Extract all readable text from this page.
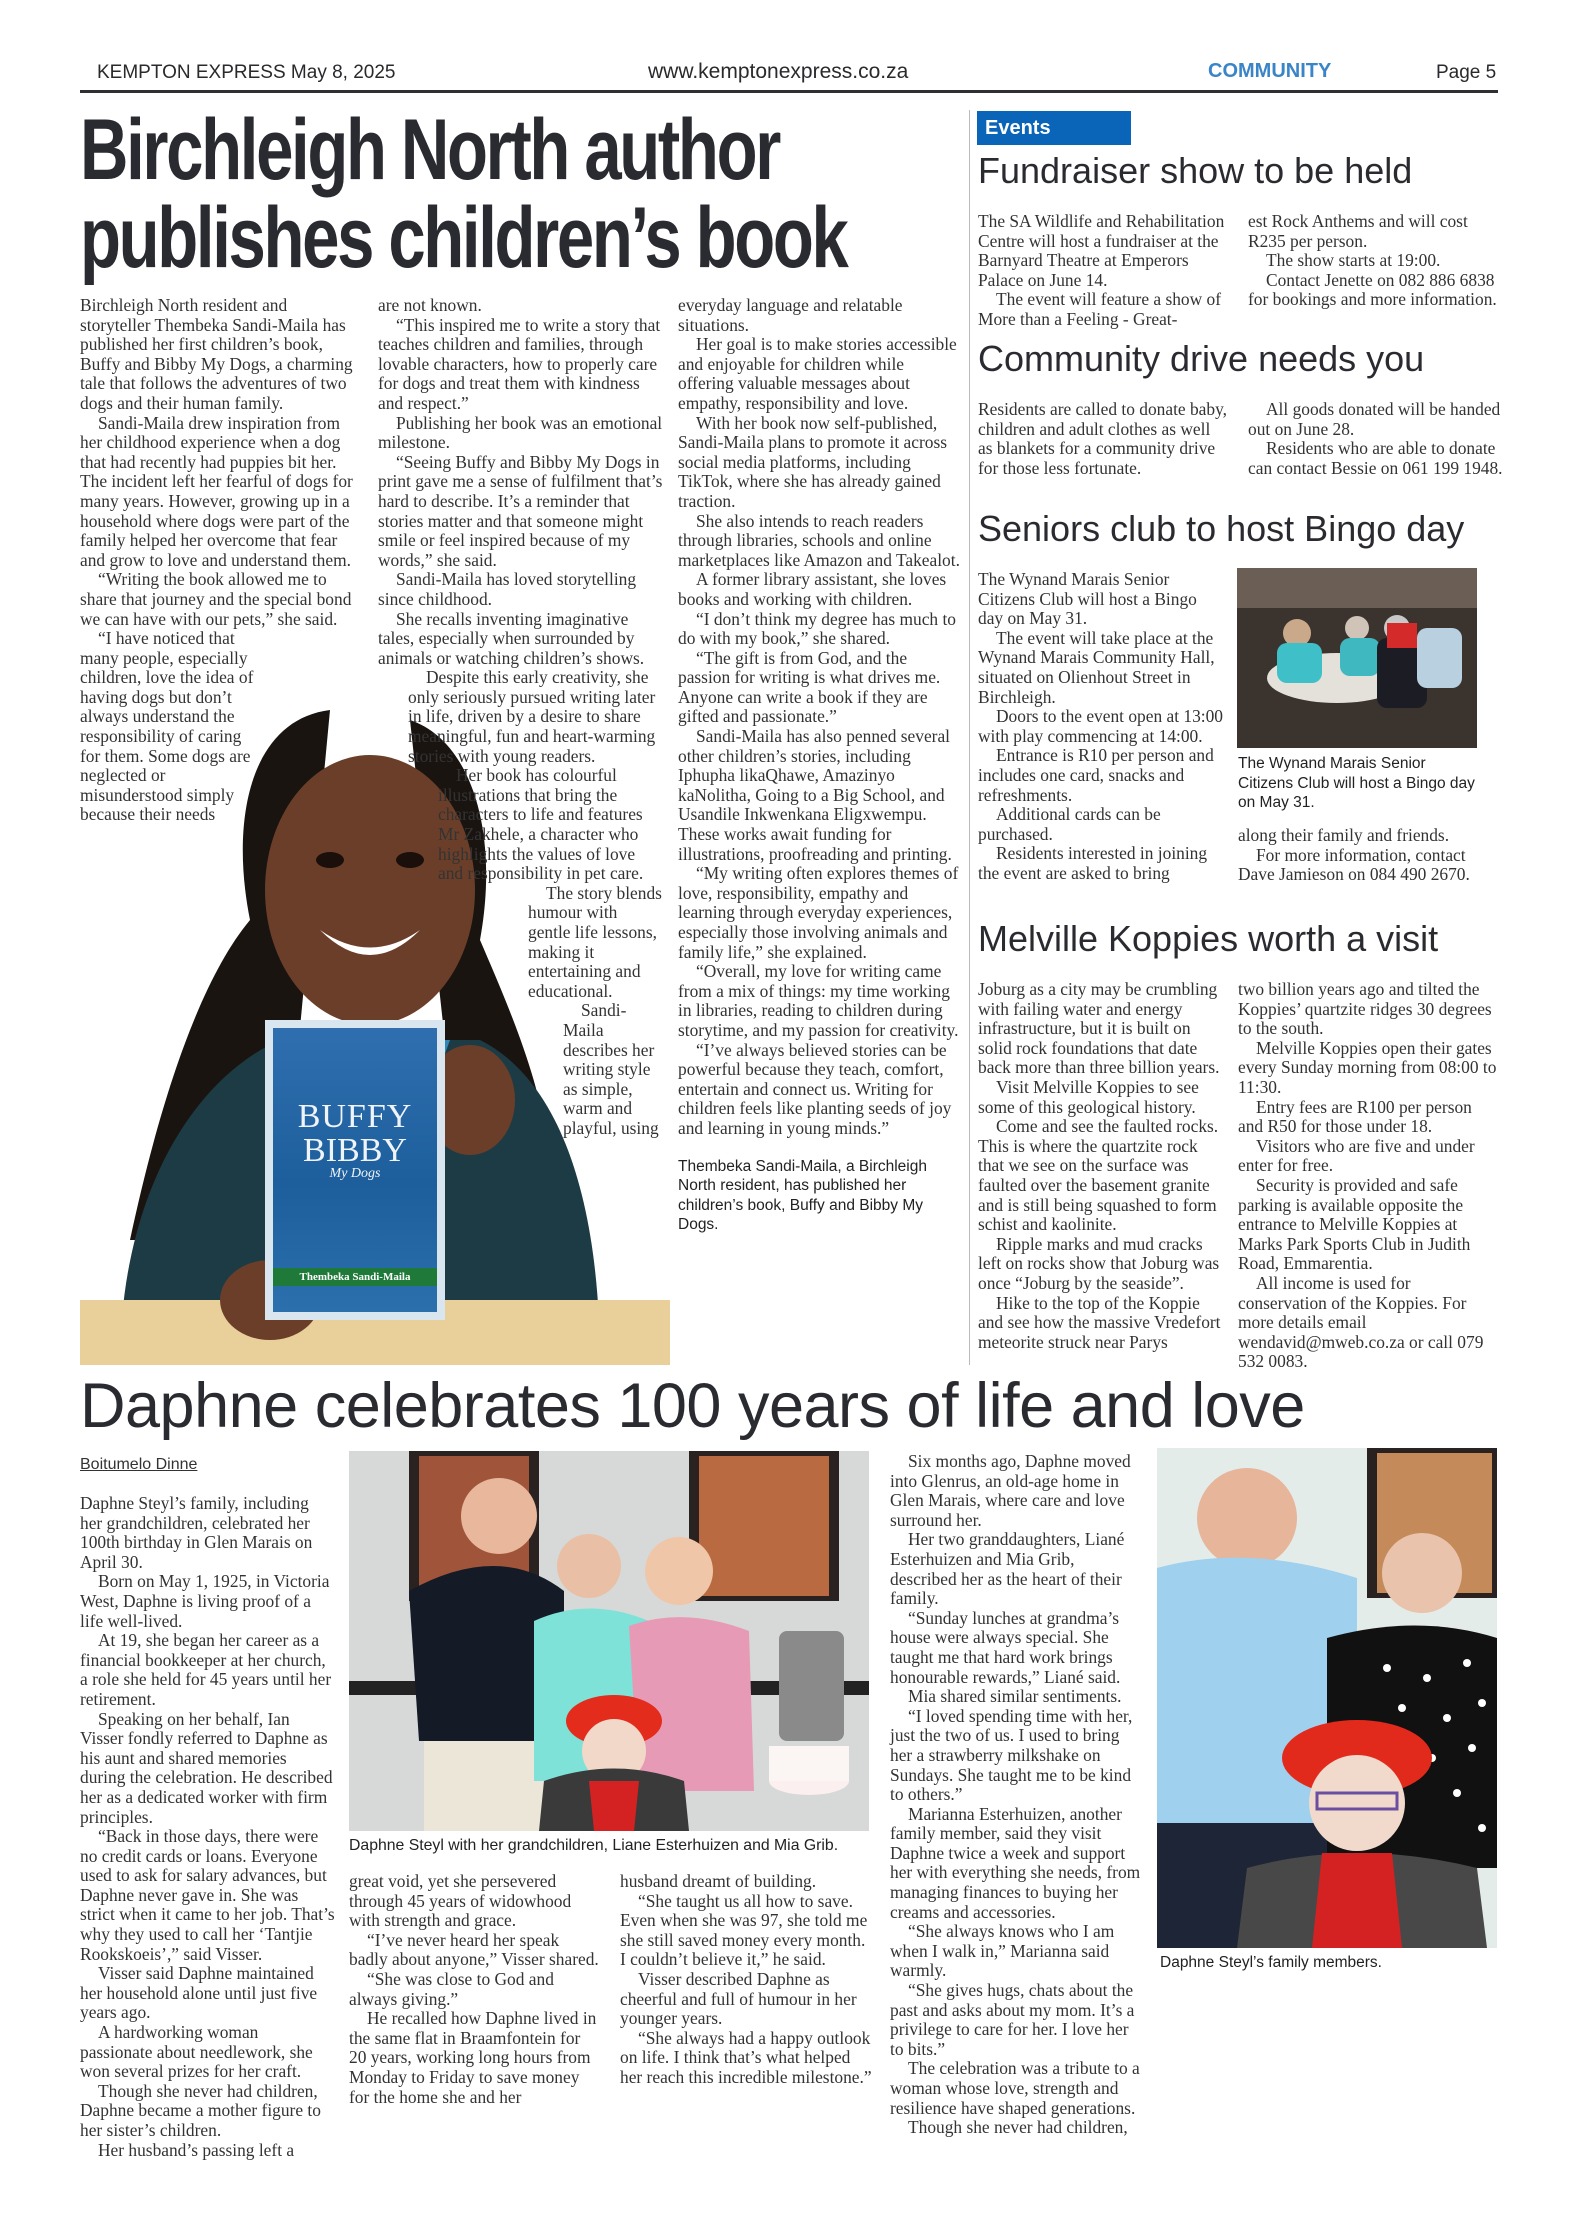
KEMPTON EXPRESS May 8, 2025	www.kemptonexpress.co.za	COMMUNITY	Page 5
Birchleigh North author
publishes children’s book
BUFFY
BIBBY
My Dogs
Thembeka Sandi-Maila

Birchleigh North resident and storyteller Thembeka Sandi-Maila has published her first children’s book, Buffy and Bibby My Dogs, a charming tale that follows the adventures of two dogs and their human family.

Sandi-Maila drew inspiration from her childhood experience when a dog that had recently had puppies bit her. The incident left her fearful of dogs for many years. However, growing up in a household where dogs were part of the family helped her overcome that fear and grow to love and understand them.

“Writing the book allowed me to share that journey and the special bond we can have with our pets,” she said.

“I have noticed that many people, especially children, love the idea of having dogs but don’t always understand the responsibility of caring for them. Some dogs are neglected or misunderstood simply because their needs

are not known.

“This inspired me to write a story that teaches children and families, through lovable characters, how to properly care for dogs and treat them with kindness and respect.”

Publishing her book was an emotional milestone.

“Seeing Buffy and Bibby My Dogs in print gave me a sense of fulfilment that’s hard to describe. It’s a reminder that stories matter and that someone might smile or feel inspired because of my words,” she said.

Sandi-Maila has loved storytelling since childhood.

She recalls inventing imaginative tales, especially when surrounded by animals or watching children’s shows.

Despite this early creativity, she only seriously pursued writing later in life, driven by a desire to share meaningful, fun and heart-warming stories with young readers.

Her book has colourful illustrations that bring the characters to life and features Mr Zakhele, a character who highlights the values of love and responsibility in pet care.

The story blends humour with gentle life lessons, making it entertaining and educational.

Sandi-Maila describes her writing style as simple, warm and playful, using

everyday language and relatable situations.

Her goal is to make stories accessible and enjoyable for children while offering valuable messages about empathy, responsibility and love.

With her book now self-published, Sandi-Maila plans to promote it across social media platforms, including TikTok, where she has already gained traction.

She also intends to reach readers through libraries, schools and online marketplaces like Amazon and Takealot.

A former library assistant, she loves books and working with children.

“I don’t think my degree has much to do with my book,” she shared.

“The gift is from God, and the passion for writing is what drives me. Anyone can write a book if they are gifted and passionate.”

Sandi-Maila has also penned several other children’s stories, including Iphupha likaQhawe, Amazinyo kaNolitha, Going to a Big School, and Usandile Inkwenkana Eligxwempu. These works await funding for illustrations, proofreading and printing.

“My writing often explores themes of love, responsibility, empathy and learning through everyday experiences, especially those involving animals and family life,” she explained.

“Overall, my love for writing came from a mix of things: my time working in libraries, reading to children during storytime, and my passion for creativity.

“I’ve always believed stories can be powerful because they teach, comfort, entertain and connect us. Writing for children feels like planting seeds of joy and learning in young minds.”

Thembeka Sandi-Maila, a Birchleigh North resident, has published her children’s book, Buffy and Bibby My Dogs.
Events
Fundraiser show to be held

The SA Wildlife and Rehabilitation Centre will host a fundraiser at the Barnyard Theatre at Emperors Palace on June 14.

The event will feature a show of More than a Feeling - Great-

est Rock Anthems and will cost R235 per person.

The show starts at 19:00.

Contact Jenette on 082 886 6838 for bookings and more information.

Community drive needs you

Residents are called to donate baby, children and adult clothes as well as blankets for a community drive for those less fortunate.

All goods donated will be handed out on June 28.

Residents who are able to donate can contact Bessie on 061 199 1948.

Seniors club to host Bingo day

The Wynand Marais Senior Citizens Club will host a Bingo day on May 31.

The event will take place at the Wynand Marais Community Hall, situated on Olienhout Street in Birchleigh.

Doors to the event open at 13:00 with play commencing at 14:00.

Entrance is R10 per person and includes one card, snacks and refreshments.

Additional cards can be purchased.

Residents interested in joining the event are asked to bring

The Wynand Marais Senior Citizens Club will host a Bingo day on May 31.

along their family and friends.

For more information, contact Dave Jamieson on 084 490 2670.

Melville Koppies worth a visit

Joburg as a city may be crumbling with failing water and energy infrastructure, but it is built on solid rock foundations that date back more than three billion years.

Visit Melville Koppies to see some of this geological history.

Come and see the faulted rocks. This is where the quartzite rock that we see on the surface was faulted over the basement granite and is still being squashed to form schist and kaolinite.

Ripple marks and mud cracks left on rocks show that Joburg was once “Joburg by the seaside”.

Hike to the top of the Koppie and see how the massive Vredefort meteorite struck near Parys

two billion years ago and tilted the Koppies’ quartzite ridges 30 degrees to the south.

Melville Koppies open their gates every Sunday morning from 08:00 to 11:30.

Entry fees are R100 per person and R50 for those under 18.

Visitors who are five and under enter for free.

Security is provided and safe parking is available opposite the entrance to Melville Koppies at Marks Park Sports Club in Judith Road, Emmarentia.

All income is used for conservation of the Koppies. For more details email wendavid@mweb.co.za or call 079 532 0083.

Daphne celebrates 100 years of life and love
Boitumelo Dinne

Daphne Steyl’s family, including her grandchildren, celebrated her 100th birthday in Glen Marais on April 30.

Born on May 1, 1925, in Victoria West, Daphne is living proof of a life well-lived.

At 19, she began her career as a financial bookkeeper at her church, a role she held for 45 years until her retirement.

Speaking on her behalf, Ian Visser fondly referred to Daphne as his aunt and shared memories during the celebration. He described her as a dedicated worker with firm principles.

“Back in those days, there were no credit cards or loans. Everyone used to ask for salary advances, but Daphne never gave in. She was strict when it came to her job. That’s why they used to call her ‘Tantjie Rookskoeis’,” said Visser.

Visser said Daphne maintained her household alone until just five years ago.

A hardworking woman passionate about needlework, she won several prizes for her craft.

Though she never had children, Daphne became a mother figure to her sister’s children.

Her husband’s passing left a

Daphne Steyl with her grandchildren, Liane Esterhuizen and Mia Grib.

great void, yet she persevered through 45 years of widowhood with strength and grace.

“I’ve never heard her speak badly about anyone,” Visser shared.

“She was close to God and always giving.”

He recalled how Daphne lived in the same flat in Braamfontein for 20 years, working long hours from Monday to Friday to save money for the home she and her

husband dreamt of building.

“She taught us all how to save. Even when she was 97, she told me she still saved money every month. I couldn’t believe it,” he said.

Visser described Daphne as cheerful and full of humour in her younger years.

“She always had a happy outlook on life. I think that’s what helped her reach this incredible milestone.”

Six months ago, Daphne moved into Glenrus, an old-age home in Glen Marais, where care and love surround her.

Her two granddaughters, Liané Esterhuizen and Mia Grib, described her as the heart of their family.

“Sunday lunches at grandma’s house were always special. She taught me that hard work brings honourable rewards,” Liané said.

Mia shared similar sentiments.

“I loved spending time with her, just the two of us. I used to bring her a strawberry milkshake on Sundays. She taught me to be kind to others.”

Marianna Esterhuizen, another family member, said they visit Daphne twice a week and support her with everything she needs, from managing finances to buying her creams and accessories.

“She always knows who I am when I walk in,” Marianna said warmly.

“She gives hugs, chats about the past and asks about my mom. It’s a privilege to care for her. I love her to bits.”

The celebration was a tribute to a woman whose love, strength and resilience have shaped generations.

Though she never had children,

Daphne Steyl’s family members.
